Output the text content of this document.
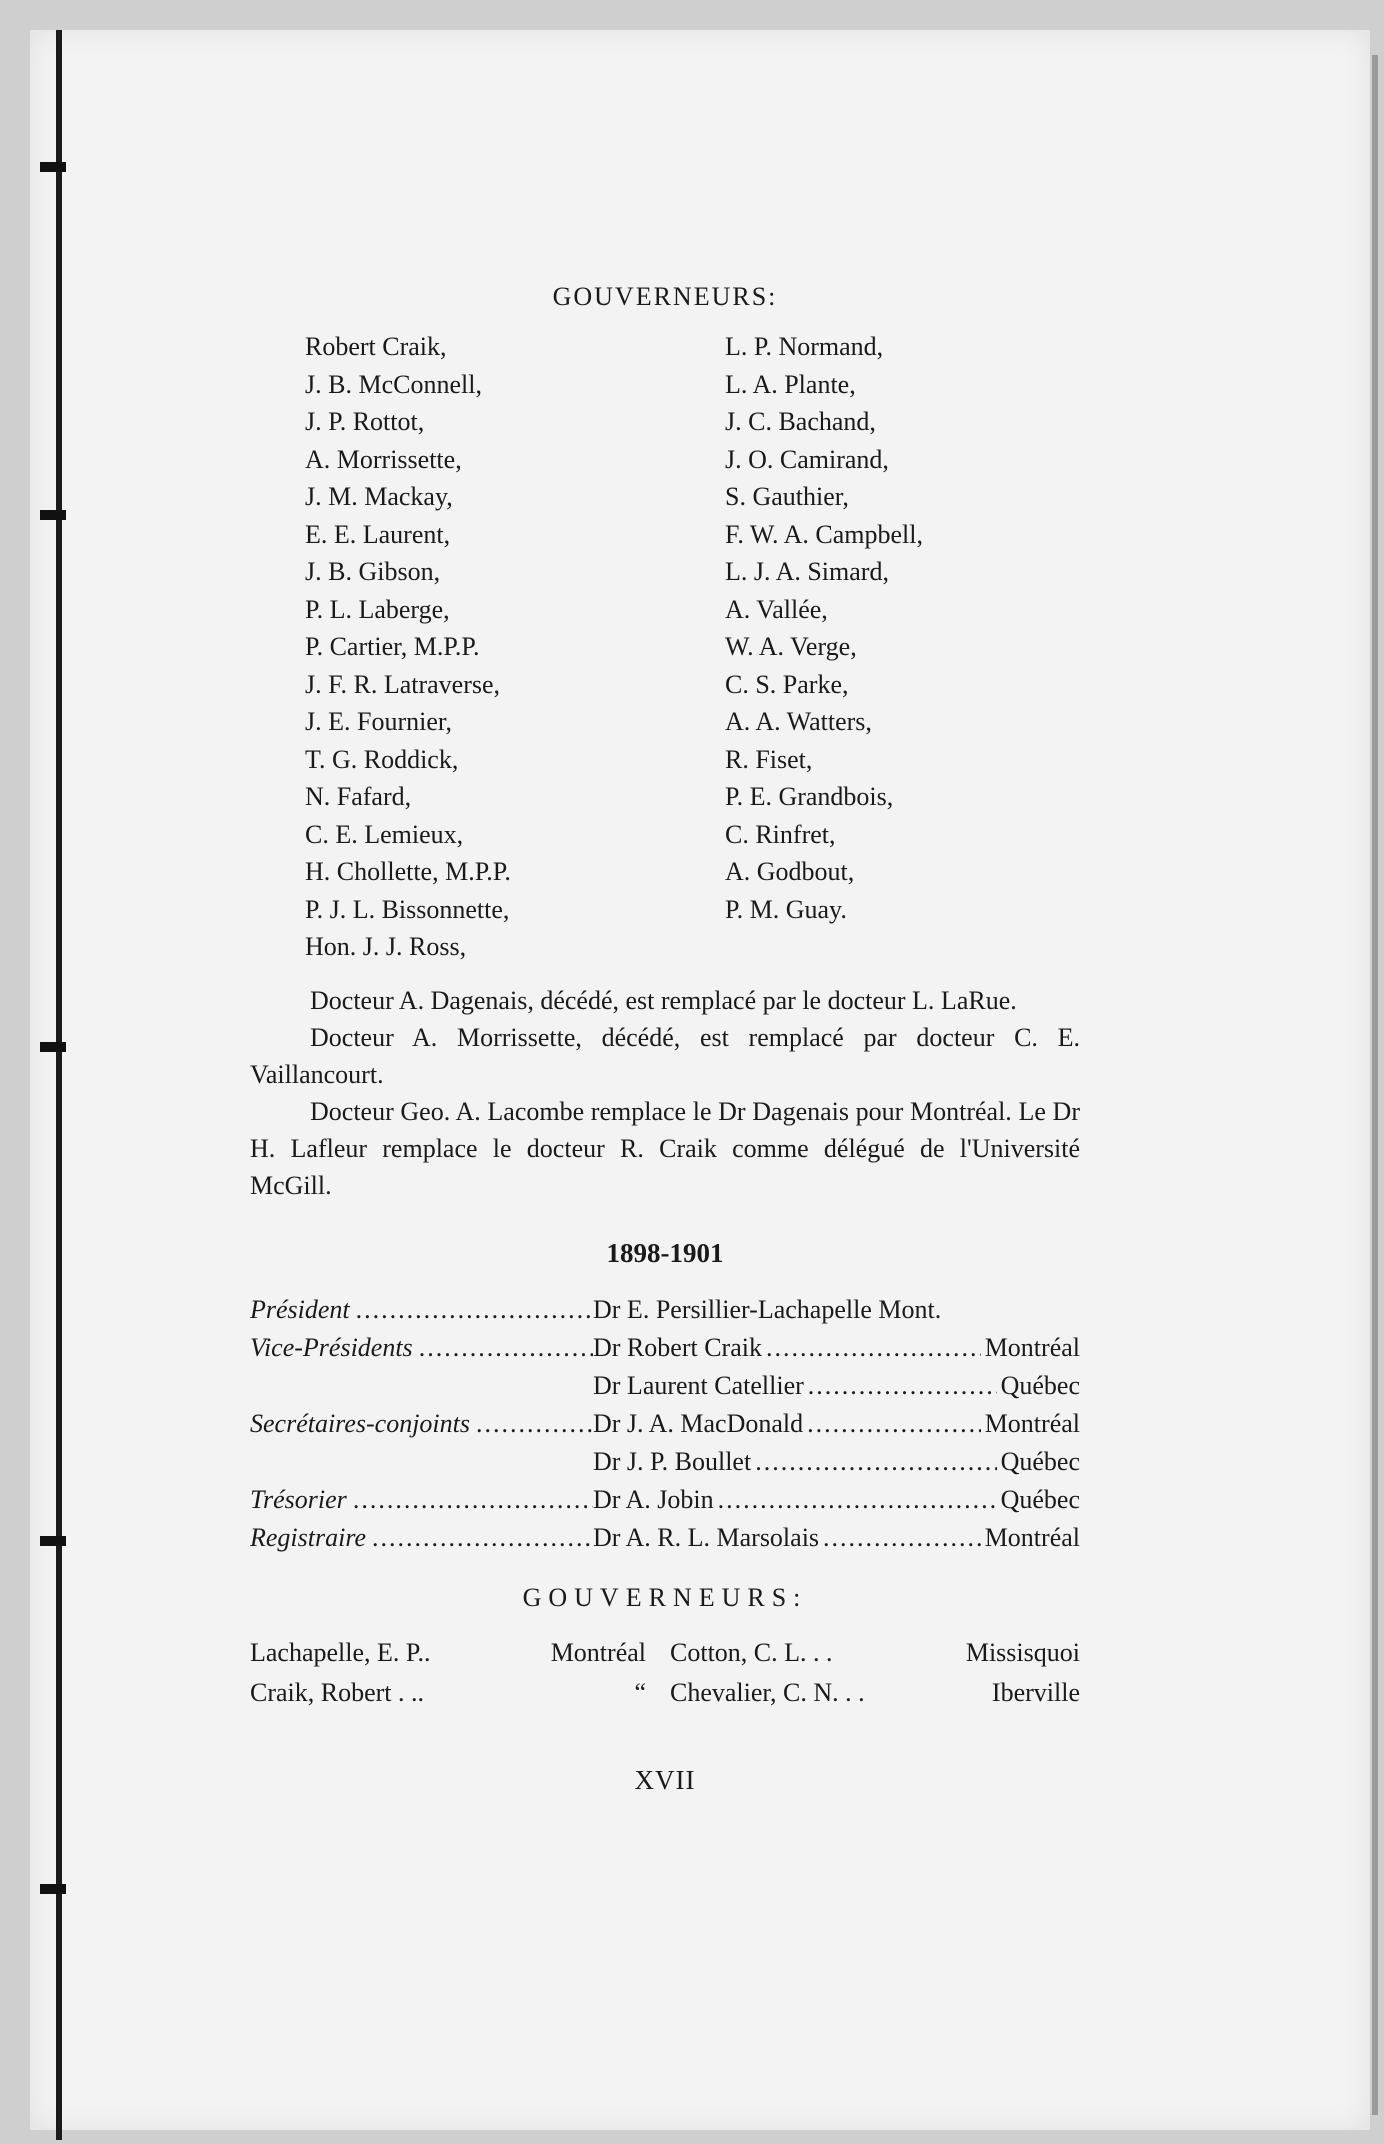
GOUVERNEURS:
Robert Craik,
J. B. McConnell,
J. P. Rottot,
A. Morrissette,
J. M. Mackay,
E. E. Laurent,
J. B. Gibson,
P. L. Laberge,
P. Cartier, M.P.P.
J. F. R. Latraverse,
J. E. Fournier,
T. G. Roddick,
N. Fafard,
C. E. Lemieux,
H. Chollette, M.P.P.
P. J. L. Bissonnette,
Hon. J. J. Ross,
L. P. Normand,
L. A. Plante,
J. C. Bachand,
J. O. Camirand,
S. Gauthier,
F. W. A. Campbell,
L. J. A. Simard,
A. Vallée,
W. A. Verge,
C. S. Parke,
A. A. Watters,
R. Fiset,
P. E. Grandbois,
C. Rinfret,
A. Godbout,
P. M. Guay.

Docteur A. Dagenais, décédé, est remplacé par le docteur L. LaRue.

Docteur A. Morrissette, décédé, est remplacé par docteur C. E. Vaillancourt.

Docteur Geo. A. Lacombe remplace le Dr Dagenais pour Montréal. Le Dr H. Lafleur remplace le docteur R. Craik comme délégué de l'Université McGill.

1898-1901
Président .....	Dr E. Persillier-Lachapelle Mont.
Vice-Présidents .....	Dr Robert Craik .....	Montréal
Dr Laurent Catellier .....	Québec
Secrétaires-conjoints .....	Dr J. A. MacDonald .....	Montréal
Dr J. P. Boullet .....	Québec
Trésorier .....	Dr A. Jobin .....	Québec
Registraire .....	Dr A. R. L. Marsolais .....	Montréal
GOUVERNEURS:
Lachapelle, E. P..	Montréal Cotton, C. L. . .	Missisquoi
Craik, Robert . ..	“ Chevalier, C. N. . .	Iberville
XVII
